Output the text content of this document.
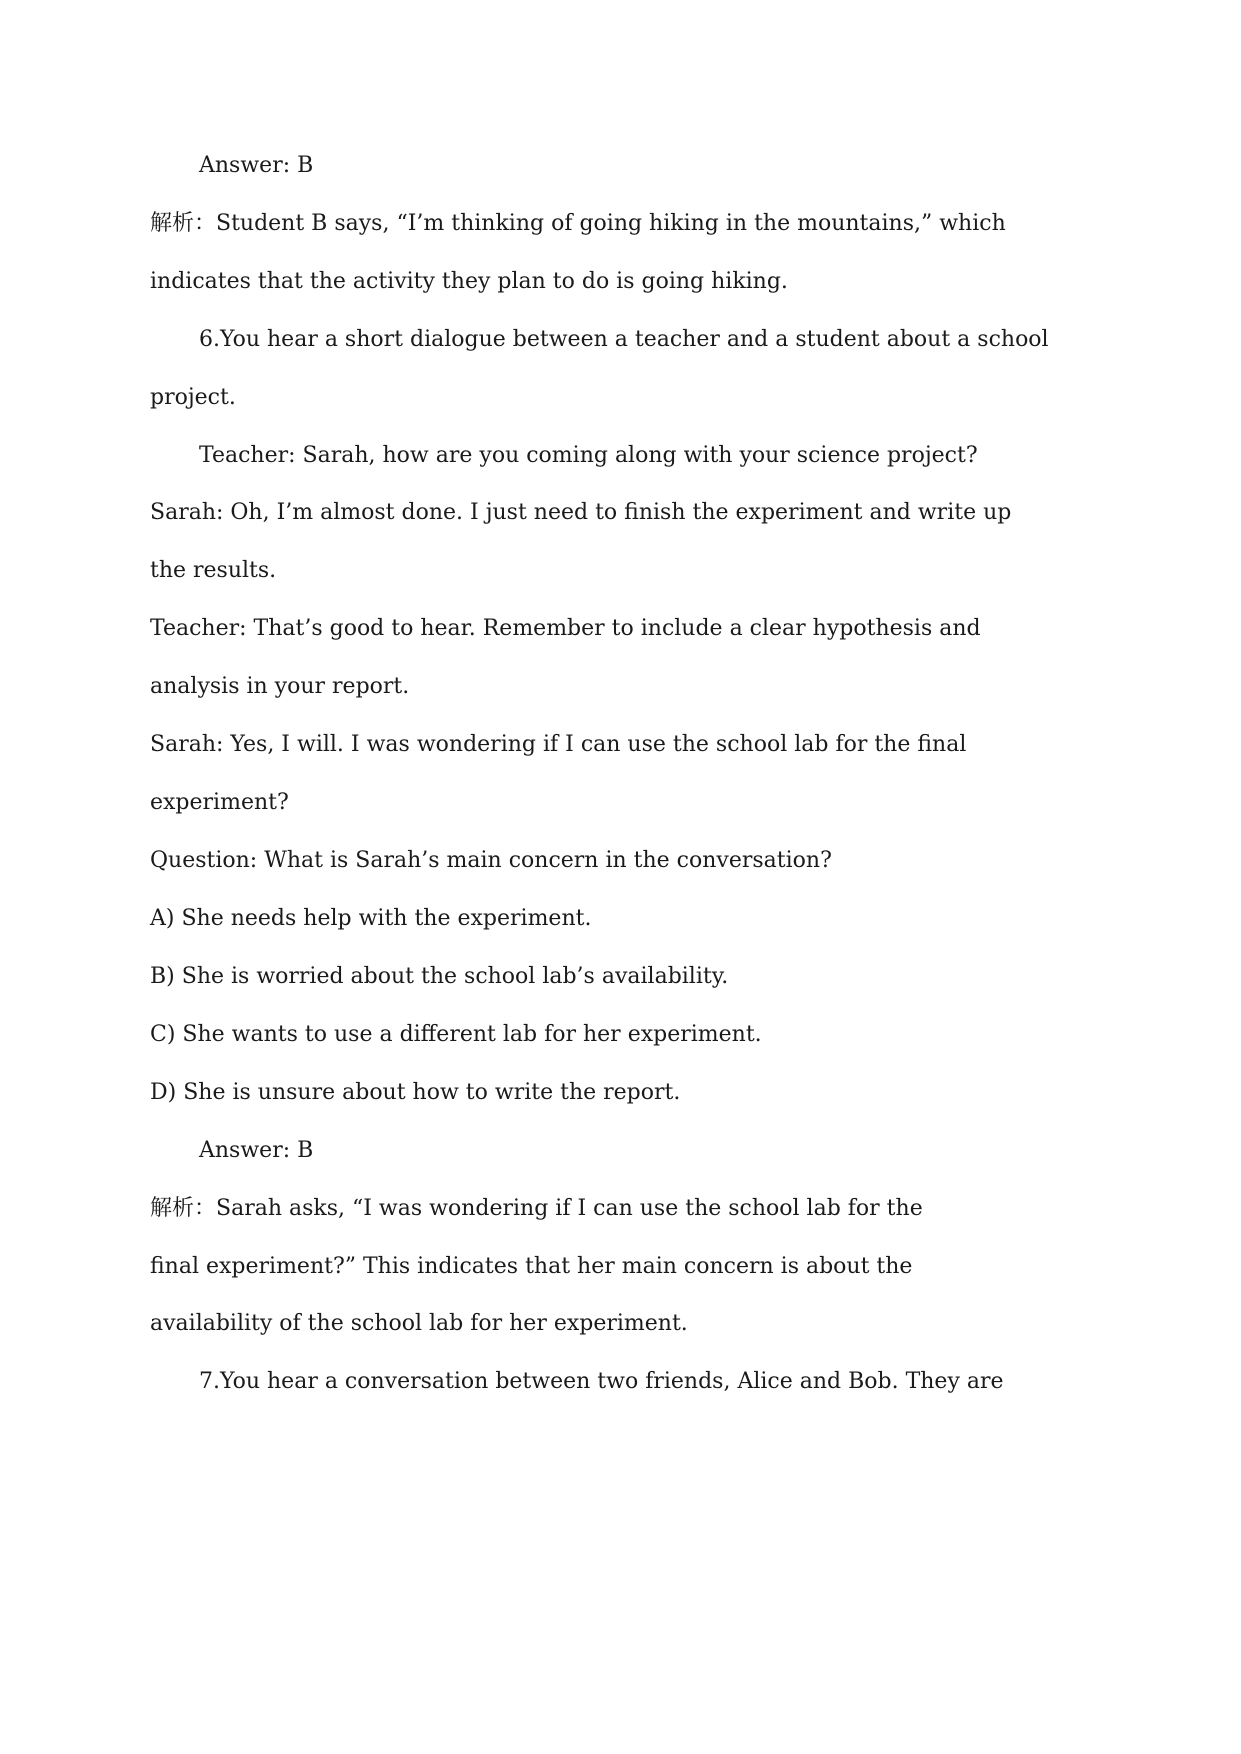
Answer: B

解析：Student B says, “I’m thinking of going hiking in the mountains,” which

indicates that the activity they plan to do is going hiking.

6.You hear a short dialogue between a teacher and a student about a school

project.

Teacher: Sarah, how are you coming along with your science project?

Sarah: Oh, I’m almost done. I just need to finish the experiment and write up

the results.

Teacher: That’s good to hear. Remember to include a clear hypothesis and

analysis in your report.

Sarah: Yes, I will. I was wondering if I can use the school lab for the final

experiment?

Question: What is Sarah’s main concern in the conversation?

A) She needs help with the experiment.

B) She is worried about the school lab’s availability.

C) She wants to use a different lab for her experiment.

D) She is unsure about how to write the report.

Answer: B

解析：Sarah asks, “I was wondering if I can use the school lab for the

final experiment?” This indicates that her main concern is about the

availability of the school lab for her experiment.

7.You hear a conversation between two friends, Alice and Bob. They are
